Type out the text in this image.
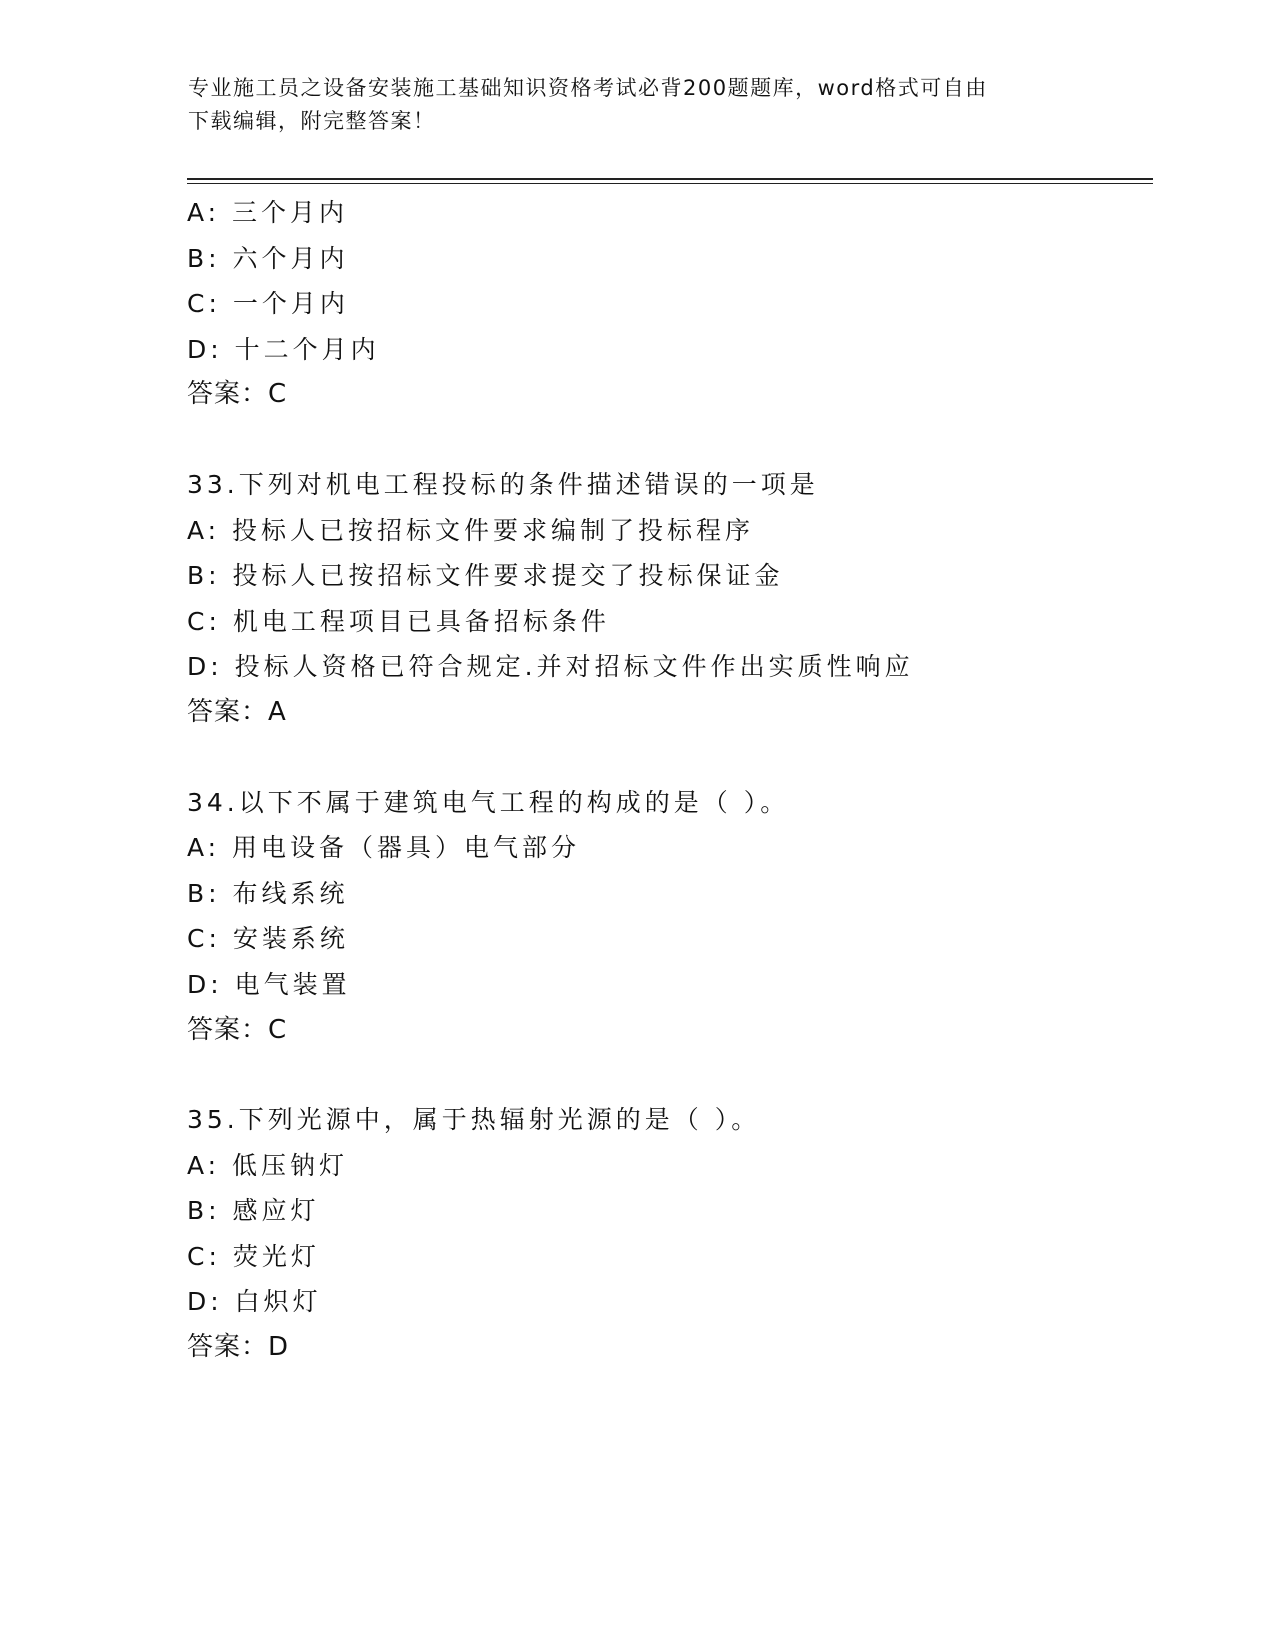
专业施工员之设备安装施工基础知识资格考试必背200题题库，word格式可自由
下载编辑，附完整答案！
A: 三个月内
B: 六个月内
C: 一个月内
D: 十二个月内
答案：C
33.下列对机电工程投标的条件描述错误的一项是
A: 投标人已按招标文件要求编制了投标程序
B: 投标人已按招标文件要求提交了投标保证金
C: 机电工程项目已具备招标条件
D: 投标人资格已符合规定.并对招标文件作出实质性响应
答案：A
34.以下不属于建筑电气工程的构成的是（ ）。
A: 用电设备（器具）电气部分
B: 布线系统
C: 安装系统
D: 电气装置
答案：C
35.下列光源中，属于热辐射光源的是（ ）。
A: 低压钠灯
B: 感应灯
C: 荧光灯
D: 白炽灯
答案：D
